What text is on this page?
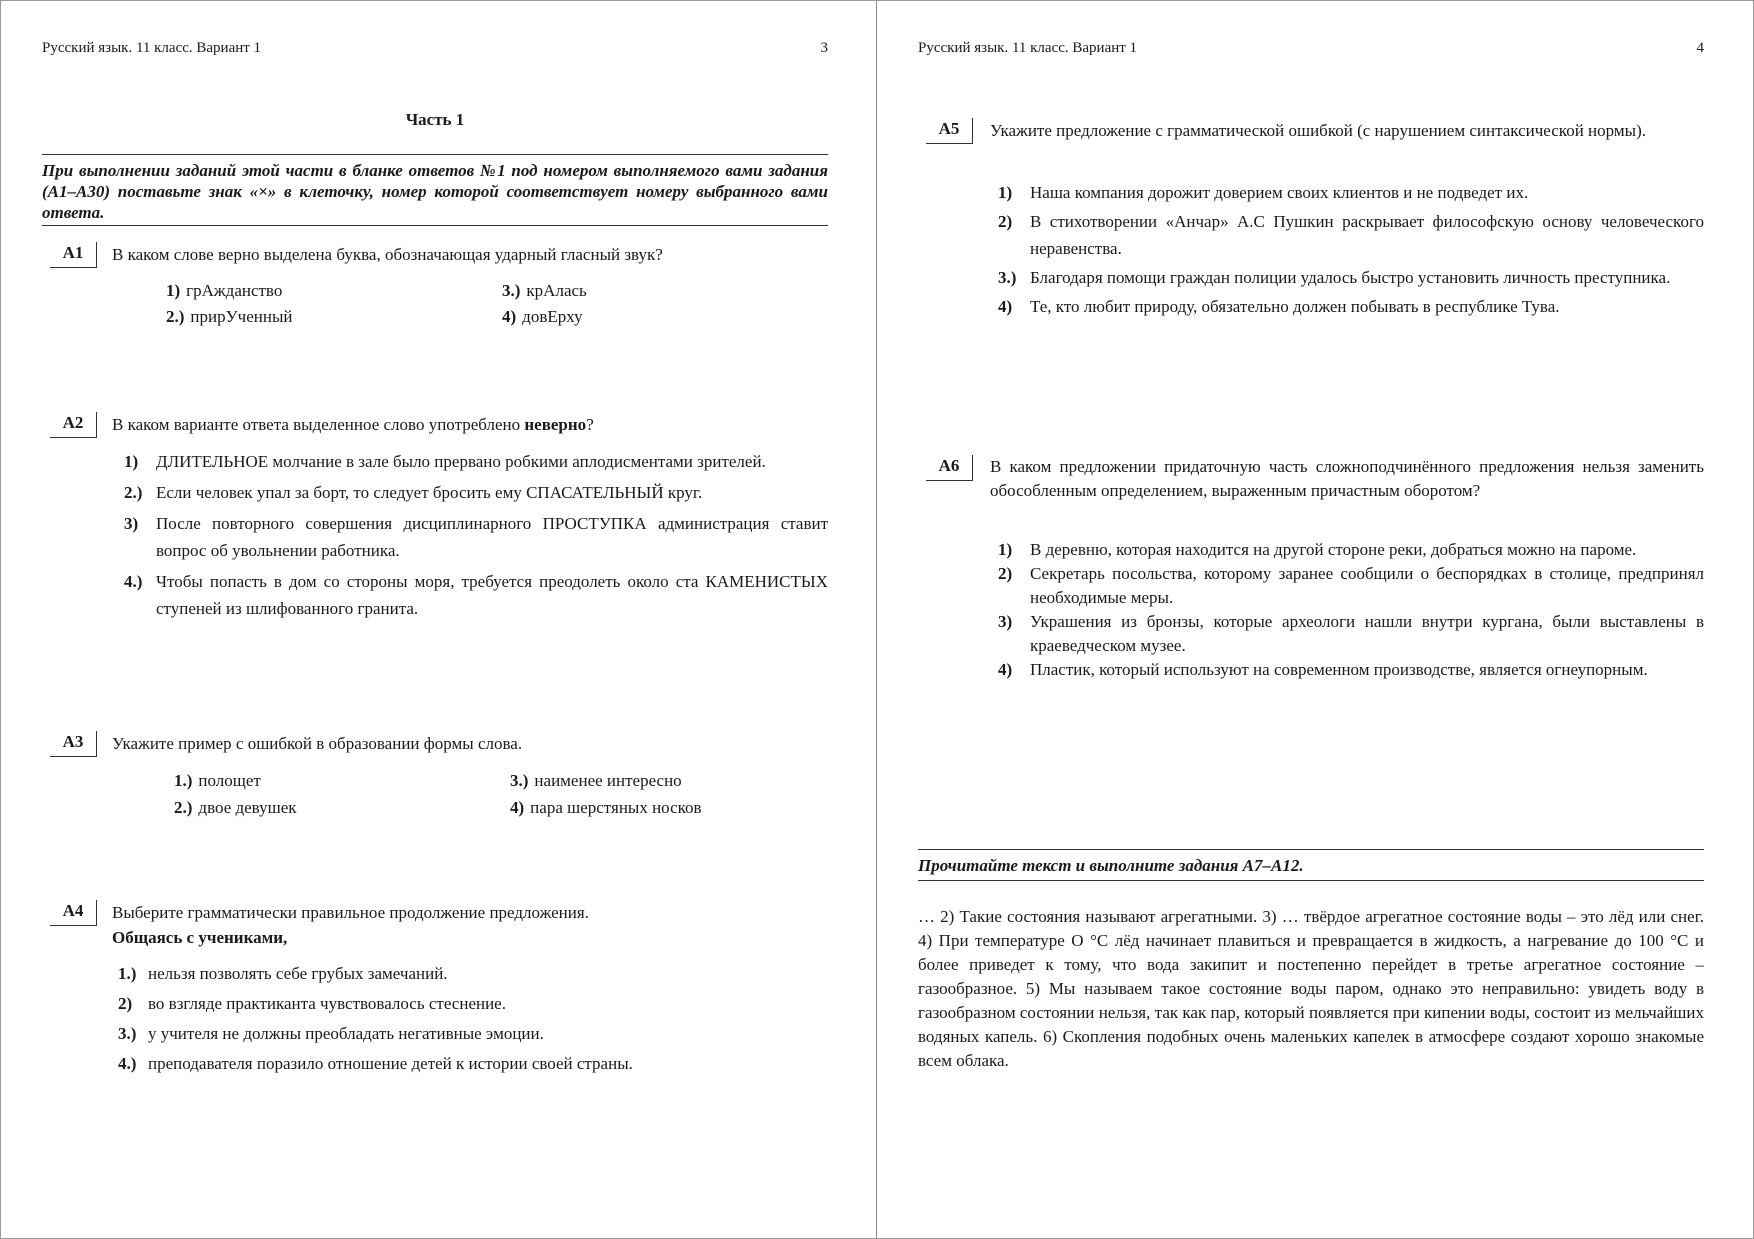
Русский язык. 11 класс. Вариант 1	3
Часть 1
При выполнении заданий этой части в бланке ответов №1 под номером выполняемого вами задания (А1–А30) поставьте знак «×» в клеточку, номер которой соответствует номеру выбранного вами ответа.
А1	В каком слове верно выделена буква, обозначающая ударный гласный звук?
1) грАжданство
2.) прирУченный
3.) крАлась
4) довЕрху
А2	В каком варианте ответа выделенное слово употреблено неверно?
1) ДЛИТЕЛЬНОЕ молчание в зале было прервано робкими аплодисментами зрителей.
2.) Если человек упал за борт, то следует бросить ему СПАСАТЕЛЬНЫЙ круг.
3) После повторного совершения дисциплинарного ПРОСТУПКА администрация ставит вопрос об увольнении работника.
4.) Чтобы попасть в дом со стороны моря, требуется преодолеть около ста КАМЕНИСТЫХ ступеней из шлифованного гранита.
А3	Укажите пример с ошибкой в образовании формы слова.
1.) полощет
2.) двое девушек
3.) наименее интересно
4) пара шерстяных носков
А4	Выберите грамматически правильное продолжение предложения.
Общаясь с учениками,
1.) нельзя позволять себе грубых замечаний.
2) во взгляде практиканта чувствовалось стеснение.
3.) у учителя не должны преобладать негативные эмоции.
4.) преподавателя поразило отношение детей к истории своей страны.
Русский язык. 11 класс. Вариант 1	4
А5	Укажите предложение с грамматической ошибкой (с нарушением синтаксической нормы).
1) Наша компания дорожит доверием своих клиентов и не подведет их.
2) В стихотворении «Анчар» А.С Пушкин раскрывает философскую основу человеческого неравенства.
3.) Благодаря помощи граждан полиции удалось быстро установить личность преступника.
4) Те, кто любит природу, обязательно должен побывать в республике Тува.
А6	В каком предложении придаточную часть сложноподчинённого предложения нельзя заменить обособленным определением, выраженным причастным оборотом?
1) В деревню, которая находится на другой стороне реки, добраться можно на пароме.
2) Секретарь посольства, которому заранее сообщили о беспорядках в столице, предпринял необходимые меры.
3) Украшения из бронзы, которые археологи нашли внутри кургана, были выставлены в краеведческом музее.
4) Пластик, который используют на современном производстве, является огнеупорным.
Прочитайте текст и выполните задания А7–А12.
… 2) Такие состояния называют агрегатными. 3) … твёрдое агрегатное состояние воды – это лёд или снег. 4) При температуре О °С лёд начинает плавиться и превращается в жидкость, а нагревание до 100 °С и более приведет к тому, что вода закипит и постепенно перейдет в третье агрегатное состояние – газообразное. 5) Мы называем такое состояние воды паром, однако это неправильно: увидеть воду в газообразном состоянии нельзя, так как пар, который появляется при кипении воды, состоит из мельчайших водяных капель. 6) Скопления подобных очень маленьких капелек в атмосфере создают хорошо знакомые всем облака.
